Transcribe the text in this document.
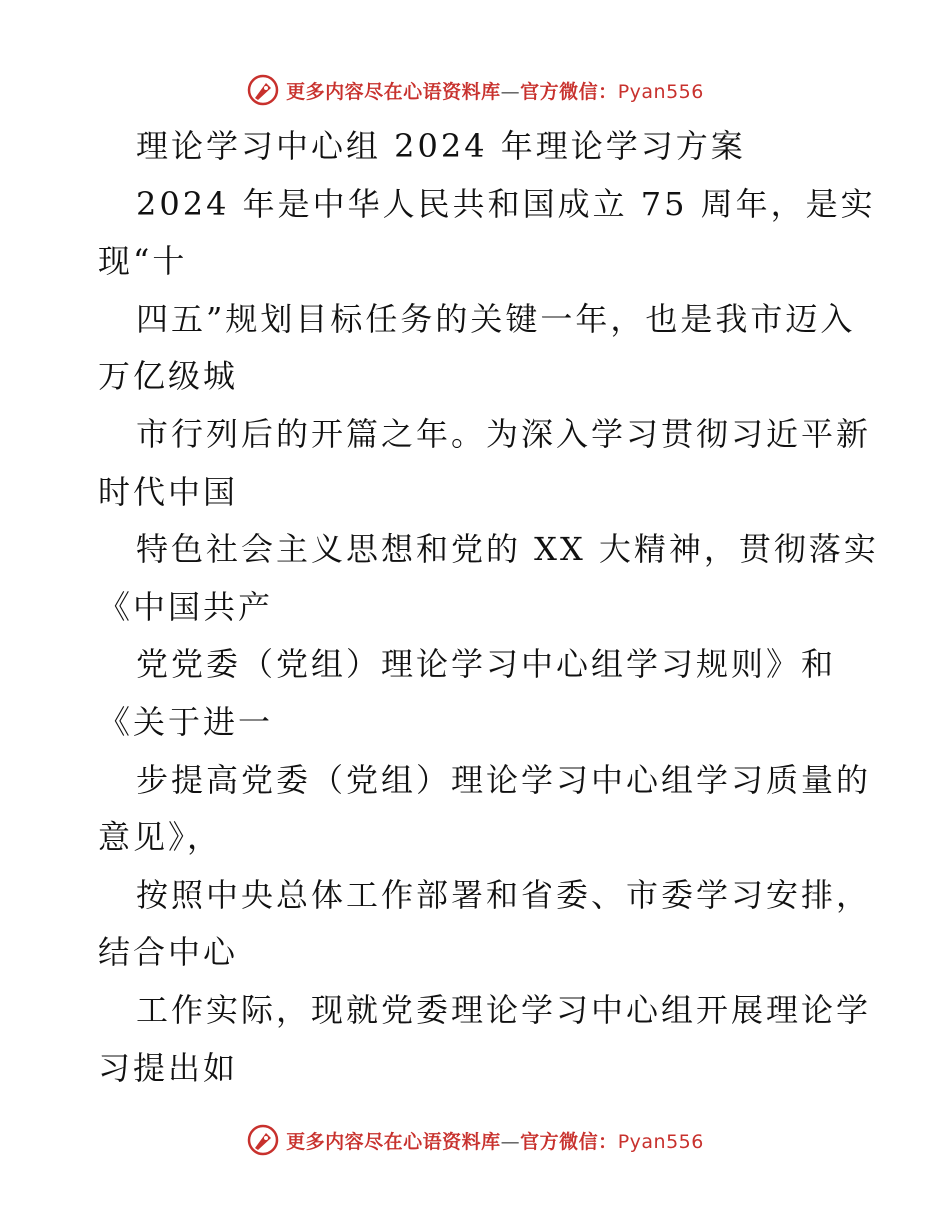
更多内容尽在心语资料库—官方微信：Pyan556
理论学习中心组 2024 年理论学习方案
2024 年是中华人民共和国成立 75 周年，是实
现“十
四五”规划目标任务的关键一年，也是我市迈入
万亿级城
市行列后的开篇之年。为深入学习贯彻习近平新
时代中国
特色社会主义思想和党的 XX 大精神，贯彻落实
《中国共产
党党委（党组）理论学习中心组学习规则》和
《关于进一
步提高党委（党组）理论学习中心组学习质量的
意见》，
按照中央总体工作部署和省委、市委学习安排，
结合中心
工作实际，现就党委理论学习中心组开展理论学
习提出如
更多内容尽在心语资料库—官方微信：Pyan556
